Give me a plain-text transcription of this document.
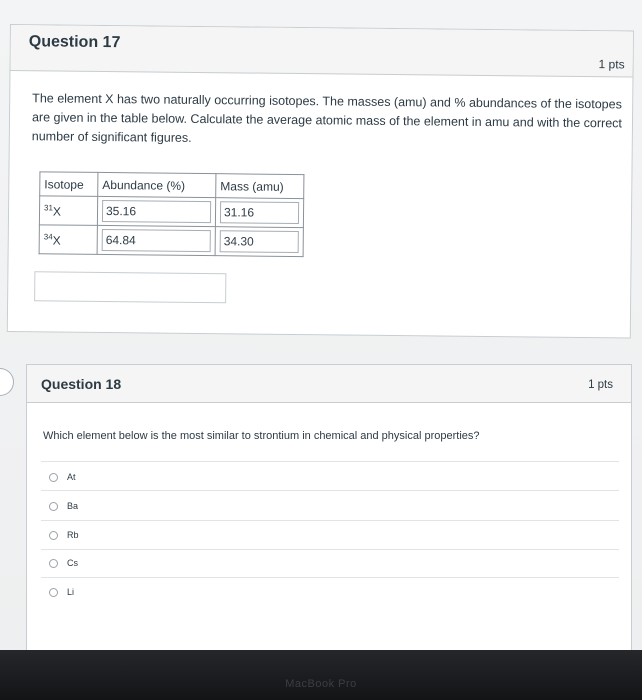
Question 17
1 pts
The element X has two naturally occurring isotopes. The masses (amu) and % abundances of the isotopes are given in the table below. Calculate the average atomic mass of the element in amu and with the correct number of significant figures.
Isotope	Abundance (%)	Mass (amu)
$^{31}$X	35.16	31.16

$^{34}$X	64.84	34.30
Question 18	1 pts
Which element below is the most similar to strontium in chemical and physical properties?
At
Ba
Rb
Cs
Li
MacBook Pro
